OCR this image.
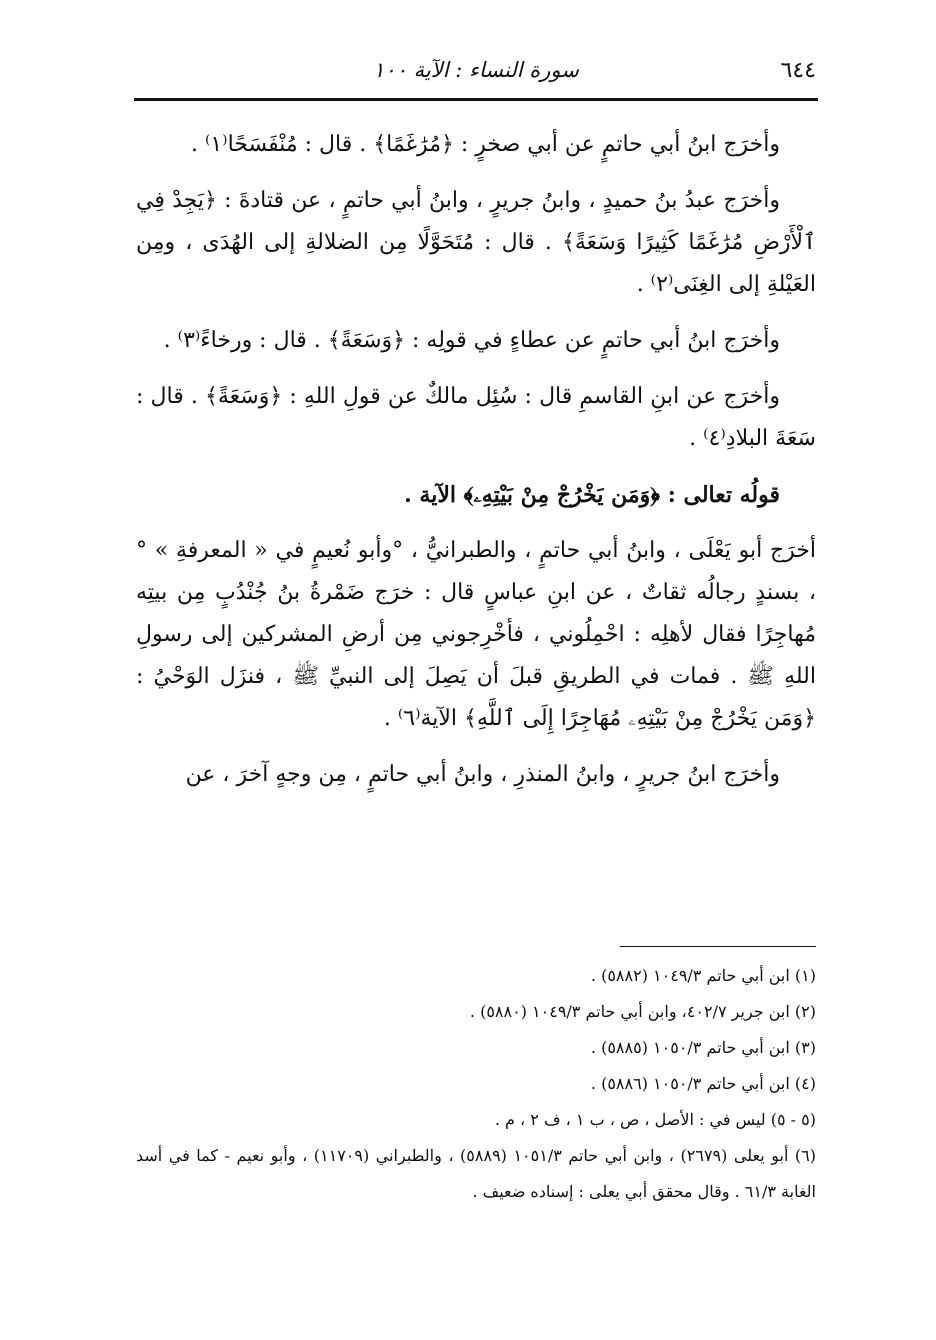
٦٤٤
سورة النساء : الآية ١٠٠

وأخرَج ابنُ أبي حاتمٍ عن أبي صخرٍ : ﴿مُرَٰغَمًا﴾ . قال : مُنْفَسَحًا⁽١⁾ .

وأخرَج عبدُ بنُ حميدٍ ، وابنُ جريرٍ ، وابنُ أبي حاتمٍ ، عن قتادةَ : ﴿يَجِدْ فِي ٱلْأَرْضِ مُرَٰغَمًا كَثِيرًا وَسَعَةً﴾ . قال : مُتَحَوَّلًا مِن الضلالةِ إلى الهُدَى ، ومِن العَيْلةِ إلى الغِنَى⁽٢⁾ .

وأخرَج ابنُ أبي حاتمٍ عن عطاءٍ في قولِه : ﴿وَسَعَةً﴾ . قال : ورخاءً⁽٣⁾ .

وأخرَج عن ابنِ القاسمِ قال : سُئِل مالكٌ عن قولِ اللهِ : ﴿وَسَعَةً﴾ . قال : سَعَةَ البلادِ⁽٤⁾ .

قولُه تعالى : ﴿وَمَن يَخْرُجْ مِنْ بَيْتِهِۦ﴾ الآية .

أخرَج أبو يَعْلَى ، وابنُ أبي حاتمٍ ، والطبرانيُّ ، °وأبو نُعيمٍ في « المعرفةِ » ° ، بسندٍ رجالُه ثقاتٌ ، عن ابنِ عباسٍ قال : خرَج ضَمْرةُ بنُ جُنْدُبٍ مِن بيتِه مُهاجِرًا فقال لأهلِه : احْمِلُوني ، فأخْرِجوني مِن أرضِ المشركين إلى رسولِ اللهِ ﷺ . فمات في الطريقِ قبلَ أن يَصِلَ إلى النبيِّ ﷺ ، فنزَل الوَحْيُ : ﴿وَمَن يَخْرُجْ مِنْ بَيْتِهِۦ مُهَاجِرًا إِلَى ٱللَّهِ﴾ الآية⁽٦⁾ .

وأخرَج ابنُ جريرٍ ، وابنُ المنذرِ ، وابنُ أبي حاتمٍ ، مِن وجهٍ آخرَ ، عن

(١) ابن أبي حاتم ١٠٤٩/٣ (٥٨٨٢) .

(٢) ابن جرير ٤٠٢/٧، وابن أبي حاتم ١٠٤٩/٣ (٥٨٨٠) .

(٣) ابن أبي حاتم ١٠٥٠/٣ (٥٨٨٥) .

(٤) ابن أبي حاتم ١٠٥٠/٣ (٥٨٨٦) .

(٥ - ٥) ليس في : الأصل ، ص ، ب ١ ، ف ٢ ، م .

(٦) أبو يعلى (٢٦٧٩) ، وابن أبي حاتم ١٠٥١/٣ (٥٨٨٩) ، والطبراني (١١٧٠٩) ، وأبو نعيم - كما في أسد الغابة ٦١/٣ . وقال محقق أبي يعلى : إسناده ضعيف .
